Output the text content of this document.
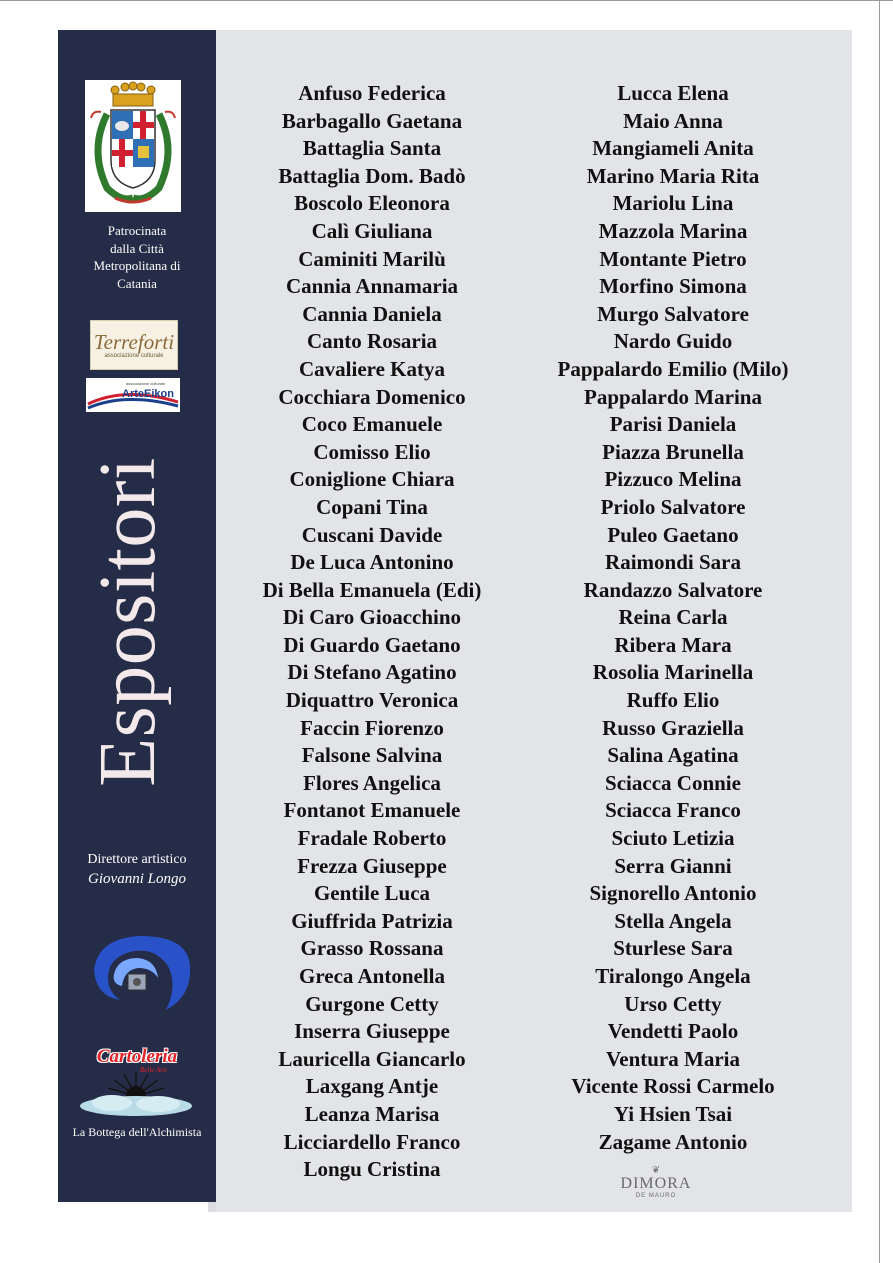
Patrocinata
dalla Città
Metropolitana di
Catania
Terreforti
associazione culturale
associazione culturale
ArteEikon
Espositori
Direttore artistico
Giovanni Longo
Cartoleria
Belle Arti
La Bottega dell'Alchimista
Anfuso Federica
Barbagallo Gaetana
Battaglia Santa
Battaglia Dom. Badò
Boscolo Eleonora
Calì Giuliana
Caminiti Marilù
Cannia Annamaria
Cannia Daniela
Canto Rosaria
Cavaliere Katya
Cocchiara Domenico
Coco Emanuele
Comisso Elio
Coniglione Chiara
Copani Tina
Cuscani Davide
De Luca Antonino
Di Bella Emanuela (Edi)
Di Caro Gioacchino
Di Guardo Gaetano
Di Stefano Agatino
Diquattro Veronica
Faccin Fiorenzo
Falsone Salvina
Flores Angelica
Fontanot Emanuele
Fradale Roberto
Frezza Giuseppe
Gentile Luca
Giuffrida Patrizia
Grasso Rossana
Greca Antonella
Gurgone Cetty
Inserra Giuseppe
Lauricella Giancarlo
Laxgang Antje
Leanza Marisa
Licciardello Franco
Longu Cristina
Lucca Elena
Maio Anna
Mangiameli Anita
Marino Maria Rita
Mariolu Lina
Mazzola Marina
Montante Pietro
Morfino Simona
Murgo Salvatore
Nardo Guido
Pappalardo Emilio (Milo)
Pappalardo Marina
Parisi Daniela
Piazza Brunella
Pizzuco Melina
Priolo Salvatore
Puleo Gaetano
Raimondi Sara
Randazzo Salvatore
Reina Carla
Ribera Mara
Rosolia Marinella
Ruffo Elio
Russo Graziella
Salina Agatina
Sciacca Connie
Sciacca Franco
Sciuto Letizia
Serra Gianni
Signorello Antonio
Stella Angela
Sturlese Sara
Tiralongo Angela
Urso Cetty
Vendetti Paolo
Ventura Maria
Vicente Rossi Carmelo
Yi Hsien Tsai
Zagame Antonio
❦
DIMORA
DE MAURO
